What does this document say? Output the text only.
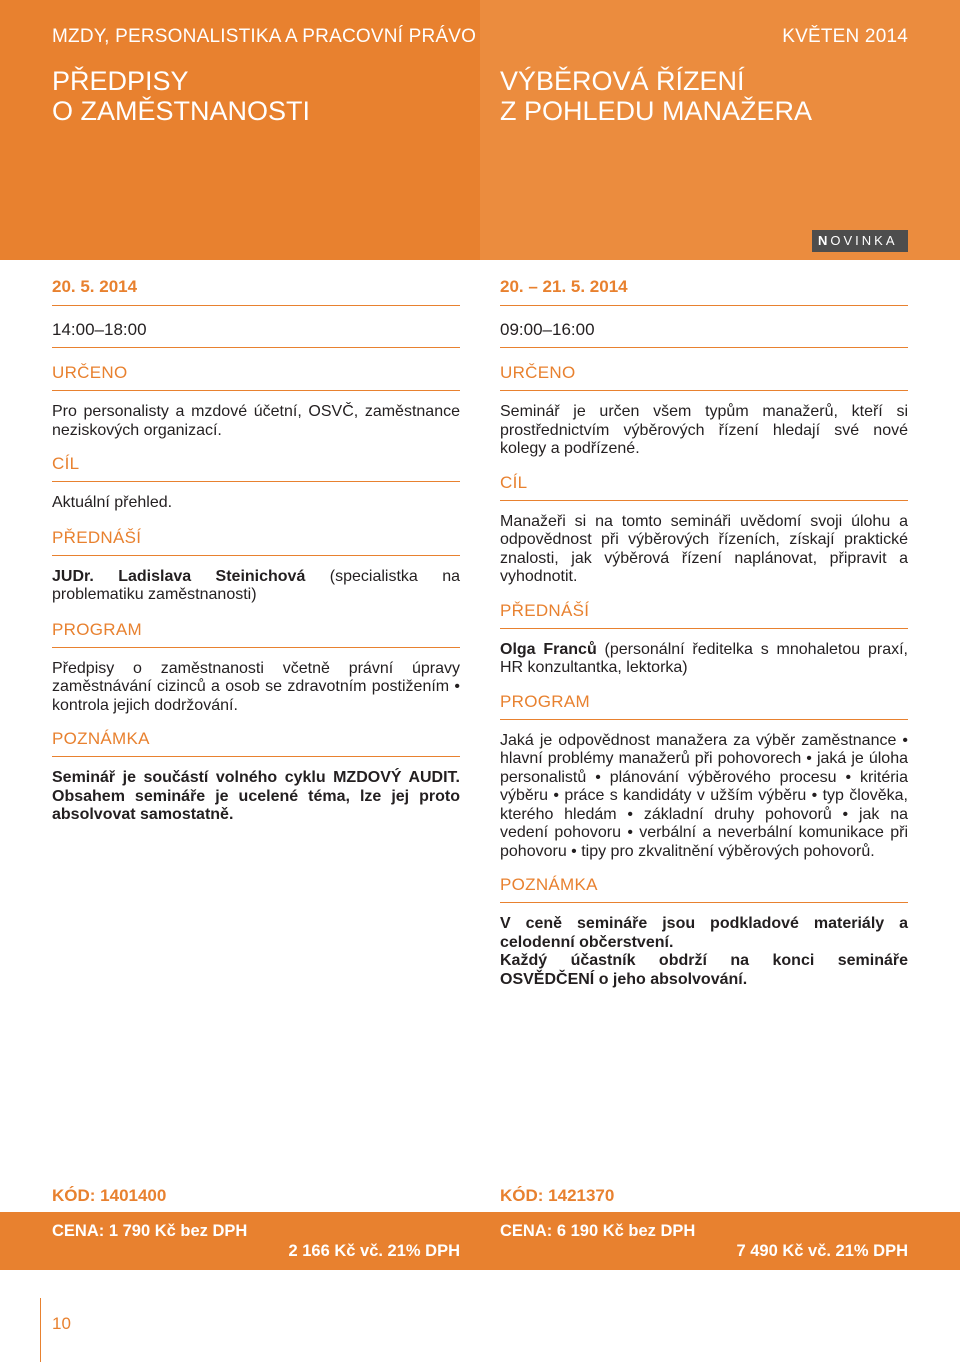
MZDY, PERSONALISTIKA A PRACOVNÍ PRÁVO	KVĚTEN 2014
PŘEDPISY
O ZAMĚSTNANOSTI
VÝBĚROVÁ ŘÍZENÍ
Z POHLEDU MANAŽERA
NOVINKA
20. 5. 2014
14:00–18:00
URČENO
Pro personalisty a mzdové účetní, OSVČ, zaměstnance neziskových organizací.
CÍL
Aktuální přehled.
PŘEDNÁŠÍ
JUDr. Ladislava Steinichová (specialistka na problematiku zaměstnanosti)
PROGRAM
Předpisy o zaměstnanosti včetně právní úpravy zaměstnávání cizinců a osob se zdravotním postižením • kontrola jejich dodržování.
POZNÁMKA
Seminář je součástí volného cyklu MZDOVÝ AUDIT. Obsahem semináře je ucelené téma, lze jej proto absolvovat samostatně.
20. – 21. 5. 2014
09:00–16:00
URČENO
Seminář je určen všem typům manažerů, kteří si prostřednictvím výběrových řízení hledají své nové kolegy a podřízené.
CÍL
Manažeři si na tomto semináři uvědomí svoji úlohu a odpovědnost při výběrových řízeních, získají praktické znalosti, jak výběrová řízení naplánovat, připravit a vyhodnotit.
PŘEDNÁŠÍ
Olga Franců (personální ředitelka s mnohaletou praxí, HR konzultantka, lektorka)
PROGRAM
Jaká je odpovědnost manažera za výběr zaměstnance • hlavní problémy manažerů při pohovorech • jaká je úloha personalistů • plánování výběrového procesu • kritéria výběru • práce s kandidáty v užším výběru • typ člověka, kterého hledám • základní druhy pohovorů • jak na vedení pohovoru • verbální a neverbální komunikace při pohovoru • tipy pro zkvalitnění výběrových pohovorů.
POZNÁMKA
V ceně semináře jsou podkladové materiály a celodenní občerstvení.
Každý účastník obdrží na konci semináře OSVĚDČENÍ o jeho absolvování.
KÓD: 1401400	KÓD: 1421370
CENA: 1 790 Kč bez DPH
2 166 Kč vč. 21% DPH
CENA: 6 190 Kč bez DPH
7 490 Kč vč. 21% DPH
10
